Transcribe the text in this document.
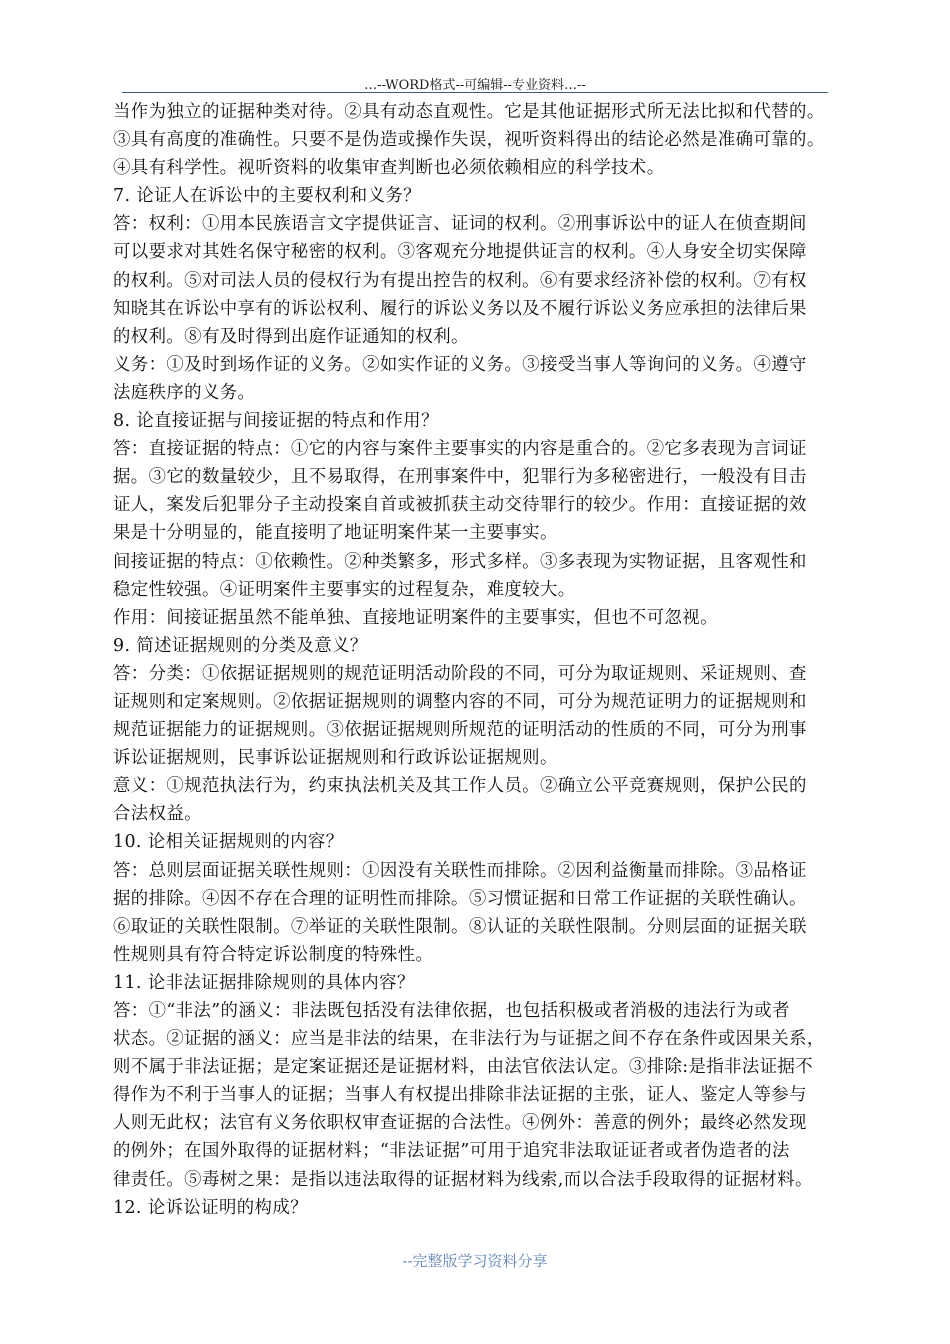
…--WORD格式--可编辑--专业资料…--

当作为独立的证据种类对待。②具有动态直观性。它是其他证据形式所无法比拟和代替的。

③具有高度的准确性。只要不是伪造或操作失误，视听资料得出的结论必然是准确可靠的。

④具有科学性。视听资料的收集审查判断也必须依赖相应的科学技术。

7. 论证人在诉讼中的主要权利和义务？

答：权利：①用本民族语言文字提供证言、证词的权利。②刑事诉讼中的证人在侦查期间

可以要求对其姓名保守秘密的权利。③客观充分地提供证言的权利。④人身安全切实保障

的权利。⑤对司法人员的侵权行为有提出控告的权利。⑥有要求经济补偿的权利。⑦有权

知晓其在诉讼中享有的诉讼权利、履行的诉讼义务以及不履行诉讼义务应承担的法律后果

的权利。⑧有及时得到出庭作证通知的权利。

义务：①及时到场作证的义务。②如实作证的义务。③接受当事人等询问的义务。④遵守

法庭秩序的义务。

8. 论直接证据与间接证据的特点和作用？

答：直接证据的特点：①它的内容与案件主要事实的内容是重合的。②它多表现为言词证

据。③它的数量较少，且不易取得，在刑事案件中，犯罪行为多秘密进行，一般没有目击

证人，案发后犯罪分子主动投案自首或被抓获主动交待罪行的较少。作用：直接证据的效

果是十分明显的，能直接明了地证明案件某一主要事实。

间接证据的特点：①依赖性。②种类繁多，形式多样。③多表现为实物证据，且客观性和

稳定性较强。④证明案件主要事实的过程复杂，难度较大。

作用：间接证据虽然不能单独、直接地证明案件的主要事实，但也不可忽视。

9. 简述证据规则的分类及意义？

答：分类：①依据证据规则的规范证明活动阶段的不同，可分为取证规则、采证规则、查

证规则和定案规则。②依据证据规则的调整内容的不同，可分为规范证明力的证据规则和

规范证据能力的证据规则。③依据证据规则所规范的证明活动的性质的不同，可分为刑事

诉讼证据规则，民事诉讼证据规则和行政诉讼证据规则。

意义：①规范执法行为，约束执法机关及其工作人员。②确立公平竞赛规则，保护公民的

合法权益。

10. 论相关证据规则的内容？

答：总则层面证据关联性规则：①因没有关联性而排除。②因利益衡量而排除。③品格证

据的排除。④因不存在合理的证明性而排除。⑤习惯证据和日常工作证据的关联性确认。

⑥取证的关联性限制。⑦举证的关联性限制。⑧认证的关联性限制。分则层面的证据关联

性规则具有符合特定诉讼制度的特殊性。

11. 论非法证据排除规则的具体内容？

答：①“非法”的涵义：非法既包括没有法律依据，也包括积极或者消极的违法行为或者

状态。②证据的涵义：应当是非法的结果，在非法行为与证据之间不存在条件或因果关系，

则不属于非法证据；是定案证据还是证据材料，由法官依法认定。③排除:是指非法证据不

得作为不利于当事人的证据；当事人有权提出排除非法证据的主张，证人、鉴定人等参与

人则无此权；法官有义务依职权审查证据的合法性。④例外：善意的例外；最终必然发现

的例外；在国外取得的证据材料；“非法证据”可用于追究非法取证证者或者伪造者的法

律责任。⑤毒树之果：是指以违法取得的证据材料为线索,而以合法手段取得的证据材料。

12. 论诉讼证明的构成？

--完整版学习资料分享
